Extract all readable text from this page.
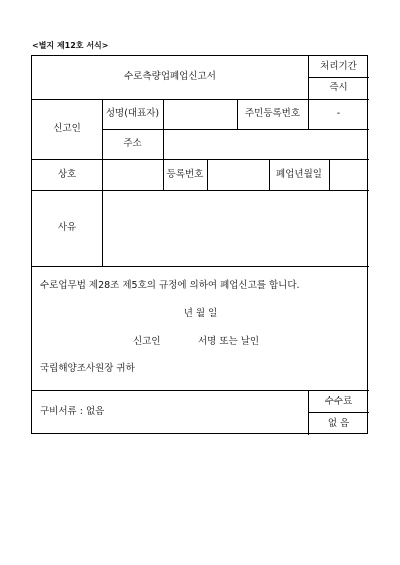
<별지 제12호 서식>
수로측량업폐업신고서
처리기간
즉시
신고인
성명(대표자)	주민등록번호	-
주소
상호	등록번호	폐업년월일
사유
수로업무법 제28조 제5호의 규정에 의하여 폐업신고를 합니다.
년 월 일
신고인	서명 또는 날인
국립해양조사원장 귀하
구비서류 : 없음
수수료
없 음
